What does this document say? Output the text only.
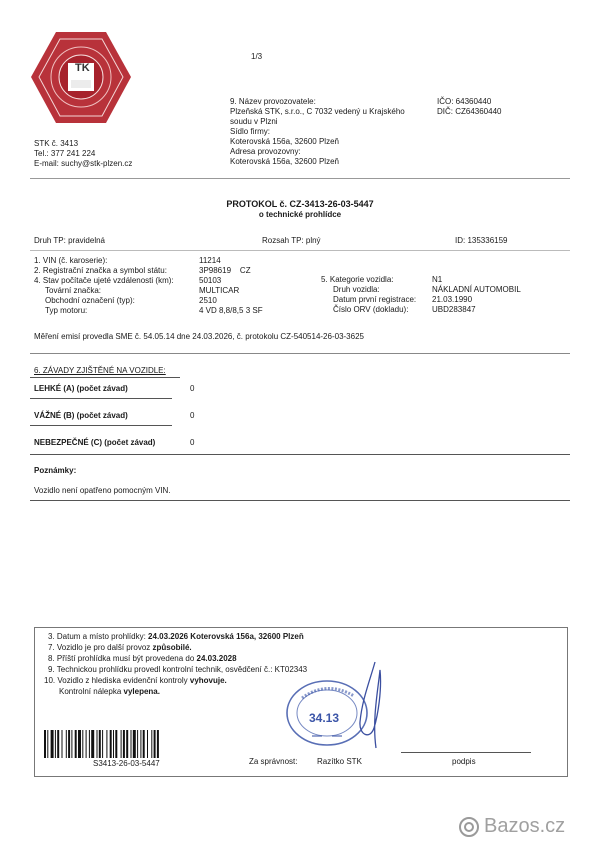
TK
1/3
STK č. 3413
Tel.: 377 241 224
E-mail: suchy@stk-plzen.cz
9. Název provozovatele:
Plzeňská STK, s.r.o., C 7032 vedený u Krajského
soudu v Plzni
Sídlo firmy:
Koterovská 156a, 32600 Plzeň
Adresa provozovny:
Koterovská 156a, 32600 Plzeň
IČO: 64360440
DIČ: CZ64360440
PROTOKOL č. CZ-3413-26-03-5447
o technické prohlídce
Druh TP: pravidelná	Rozsah TP: plný	ID: 135336159
1. VIN (č. karoserie):	11214
2. Registrační značka a symbol státu:	3P98619    CZ
4. Stav počítače ujeté vzdálenosti (km):	50103
Tovární značka:	MULTICAR
Obchodní označení (typ):	2510
Typ motoru:	4 VD 8,8/8,5 3 SF
5. Kategorie vozidla:	N1
Druh vozidla:	NÁKLADNÍ AUTOMOBIL
Datum první registrace: 21.03.1990
Číslo ORV (dokladu):	UBD283847
Měření emisí provedla SME č. 54.05.14 dne 24.03.2026, č. protokolu CZ-540514-26-03-3625
6. ZÁVADY ZJIŠTĚNÉ NA VOZIDLE:
LEHKÉ (A) (počet závad)	0
VÁŽNÉ (B) (počet závad)	0
NEBEZPEČNÉ (C) (počet závad)	0
Poznámky:
Vozidlo není opatřeno pomocným VIN.
3. Datum a místo prohlídky: 24.03.2026 Koterovská 156a, 32600 Plzeň
7. Vozidlo je pro další provoz způsobilé.
8. Příští prohlídka musí být provedena do 24.03.2028
9. Technickou prohlídku provedl kontrolní technik, osvědčení č.: KT02343
10. Vozidlo z hlediska evidenční kontroly vyhovuje.
Kontrolní nálepka vylepena.
34.13
S3413-26-03-5447	Za správnost: Razítko STK	podpis
Bazos.cz
